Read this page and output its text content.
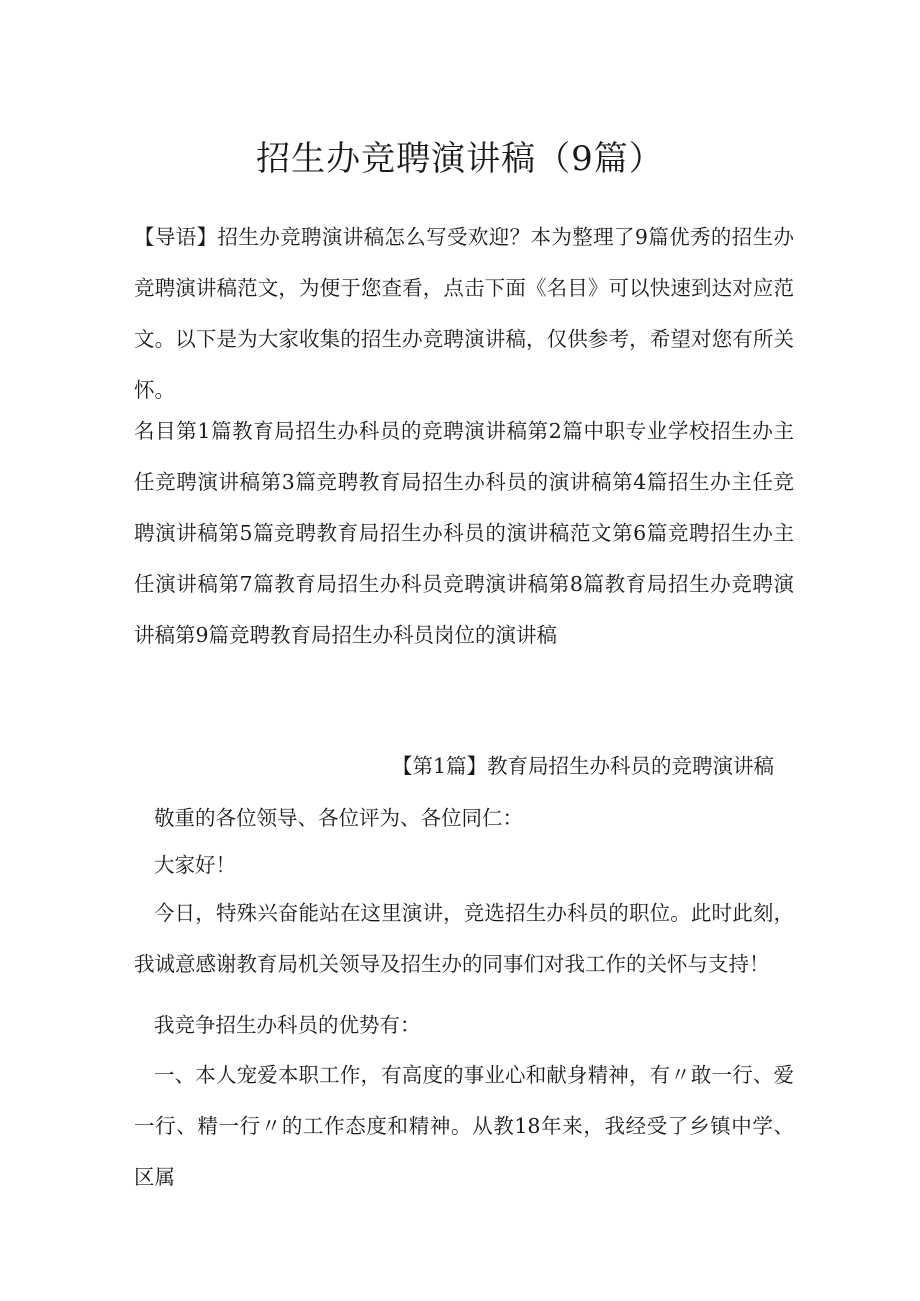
招生办竞聘演讲稿（9篇）

【导语】招生办竞聘演讲稿怎么写受欢迎？本为整理了9篇优秀的招生办竞聘演讲稿范文，为便于您查看，点击下面《名目》可以快速到达对应范文。以下是为大家收集的招生办竞聘演讲稿，仅供参考，希望对您有所关怀。

名目第1篇教育局招生办科员的竞聘演讲稿第2篇中职专业学校招生办主任竞聘演讲稿第3篇竞聘教育局招生办科员的演讲稿第4篇招生办主任竞聘演讲稿第5篇竞聘教育局招生办科员的演讲稿范文第6篇竞聘招生办主任演讲稿第7篇教育局招生办科员竞聘演讲稿第8篇教育局招生办竞聘演讲稿第9篇竞聘教育局招生办科员岗位的演讲稿

【第1篇】教育局招生办科员的竞聘演讲稿

敬重的各位领导、各位评为、各位同仁：

大家好！

今日，特殊兴奋能站在这里演讲，竞选招生办科员的职位。此时此刻，我诚意感谢教育局机关领导及招生办的同事们对我工作的关怀与支持！

我竞争招生办科员的优势有：

一、本人宠爱本职工作，有高度的事业心和献身精神，有〃敢一行、爱一行、精一行〃的工作态度和精神。从教18年来，我经受了乡镇中学、区属
